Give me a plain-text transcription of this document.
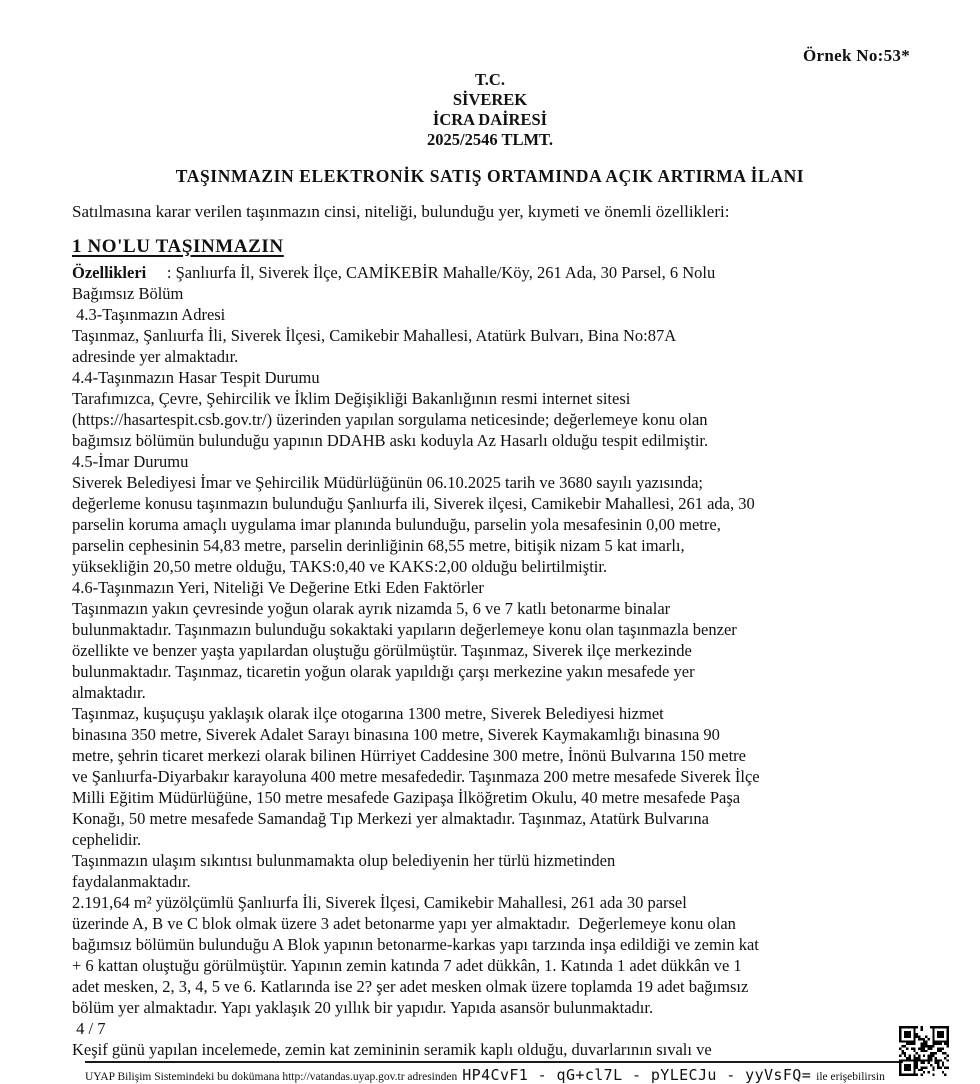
Örnek No:53*
T.C.
SİVEREK
İCRA DAİRESİ
2025/2546 TLMT.
TAŞINMAZIN ELEKTRONİK SATIŞ ORTAMINDA AÇIK ARTIRMA İLANI
Satılmasına karar verilen taşınmazın cinsi, niteliği, bulunduğu yer, kıymeti ve önemli özellikleri:
1 NO'LU TAŞINMAZIN
Özellikleri     : Şanlıurfa İl, Siverek İlçe, CAMİKEBİR Mahalle/Köy, 261 Ada, 30 Parsel, 6 Nolu
Bağımsız Bölüm
4.3-Taşınmazın Adresi
Taşınmaz, Şanlıurfa İli, Siverek İlçesi, Camikebir Mahallesi, Atatürk Bulvarı, Bina No:87A
adresinde yer almaktadır.
4.4-Taşınmazın Hasar Tespit Durumu
Tarafımızca, Çevre, Şehircilik ve İklim Değişikliği Bakanlığının resmi internet sitesi
(https://hasartespit.csb.gov.tr/) üzerinden yapılan sorgulama neticesinde; değerlemeye konu olan
bağımsız bölümün bulunduğu yapının DDAHB askı koduyla Az Hasarlı olduğu tespit edilmiştir.
4.5-İmar Durumu
Siverek Belediyesi İmar ve Şehircilik Müdürlüğünün 06.10.2025 tarih ve 3680 sayılı yazısında;
değerleme konusu taşınmazın bulunduğu Şanlıurfa ili, Siverek ilçesi, Camikebir Mahallesi, 261 ada, 30
parselin koruma amaçlı uygulama imar planında bulunduğu, parselin yola mesafesinin 0,00 metre,
parselin cephesinin 54,83 metre, parselin derinliğinin 68,55 metre, bitişik nizam 5 kat imarlı,
yüksekliğin 20,50 metre olduğu, TAKS:0,40 ve KAKS:2,00 olduğu belirtilmiştir.
4.6-Taşınmazın Yeri, Niteliği Ve Değerine Etki Eden Faktörler
Taşınmazın yakın çevresinde yoğun olarak ayrık nizamda 5, 6 ve 7 katlı betonarme binalar
bulunmaktadır. Taşınmazın bulunduğu sokaktaki yapıların değerlemeye konu olan taşınmazla benzer
özellikte ve benzer yaşta yapılardan oluştuğu görülmüştür. Taşınmaz, Siverek ilçe merkezinde
bulunmaktadır. Taşınmaz, ticaretin yoğun olarak yapıldığı çarşı merkezine yakın mesafede yer
almaktadır.
Taşınmaz, kuşuçuşu yaklaşık olarak ilçe otogarına 1300 metre, Siverek Belediyesi hizmet
binasına 350 metre, Siverek Adalet Sarayı binasına 100 metre, Siverek Kaymakamlığı binasına 90
metre, şehrin ticaret merkezi olarak bilinen Hürriyet Caddesine 300 metre, İnönü Bulvarına 150 metre
ve Şanlıurfa-Diyarbakır karayoluna 400 metre mesafededir. Taşınmaza 200 metre mesafede Siverek İlçe
Milli Eğitim Müdürlüğüne, 150 metre mesafede Gazipaşa İlköğretim Okulu, 40 metre mesafede Paşa
Konağı, 50 metre mesafede Samandağ Tıp Merkezi yer almaktadır. Taşınmaz, Atatürk Bulvarına
cephelidir.
Taşınmazın ulaşım sıkıntısı bulunmamakta olup belediyenin her türlü hizmetinden
faydalanmaktadır.
2.191,64 m² yüzölçümlü Şanlıurfa İli, Siverek İlçesi, Camikebir Mahallesi, 261 ada 30 parsel
üzerinde A, B ve C blok olmak üzere 3 adet betonarme yapı yer almaktadır.  Değerlemeye konu olan
bağımsız bölümün bulunduğu A Blok yapının betonarme-karkas yapı tarzında inşa edildiği ve zemin kat
+ 6 kattan oluştuğu görülmüştür. Yapının zemin katında 7 adet dükkân, 1. Katında 1 adet dükkân ve 1
adet mesken, 2, 3, 4, 5 ve 6. Katlarında ise 2? şer adet mesken olmak üzere toplamda 19 adet bağımsız
bölüm yer almaktadır. Yapı yaklaşık 20 yıllık bir yapıdır. Yapıda asansör bulunmaktadır.
4 / 7
Keşif günü yapılan incelemede, zemin kat zemininin seramik kaplı olduğu, duvarlarının sıvalı ve
UYAP Bilişim Sistemindeki bu dokümana http://vatandas.uyap.gov.tr adresinden HP4CvF1 - qG+cl7L - pYLECJu - yyVsFQ= ile erişebilirsin
